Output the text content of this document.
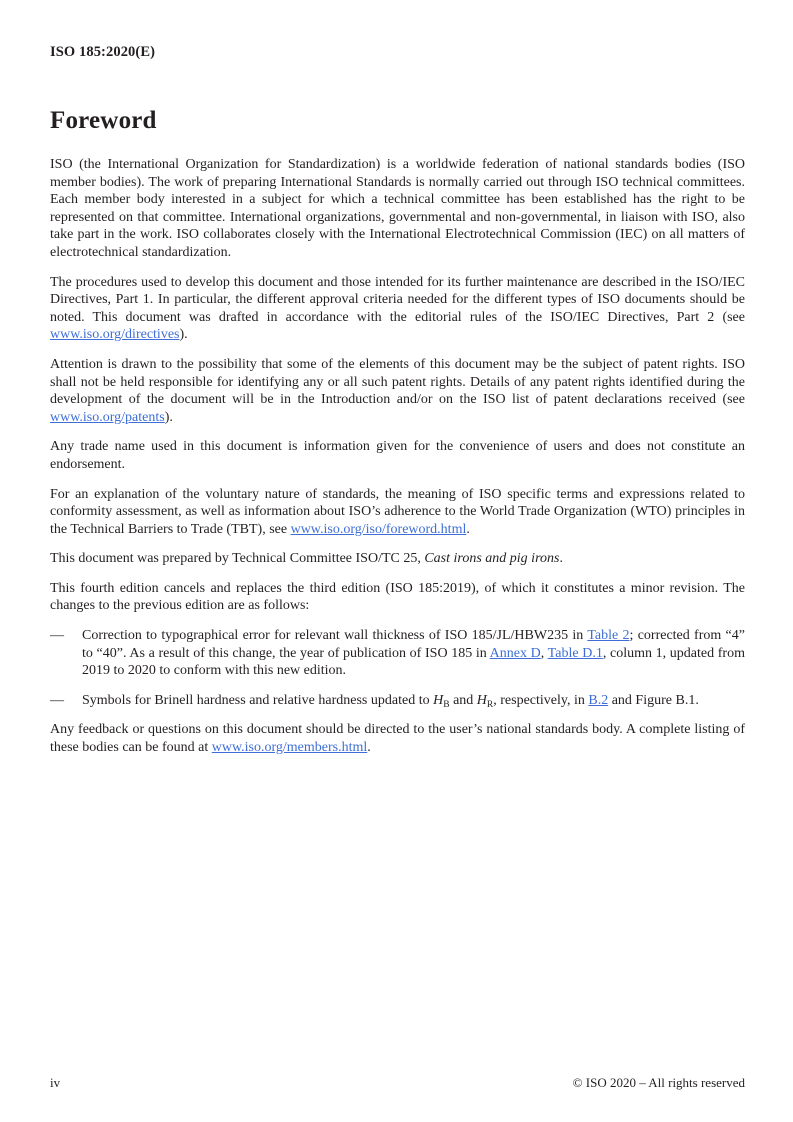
ISO 185:2020(E)
Foreword
ISO (the International Organization for Standardization) is a worldwide federation of national standards bodies (ISO member bodies). The work of preparing International Standards is normally carried out through ISO technical committees. Each member body interested in a subject for which a technical committee has been established has the right to be represented on that committee. International organizations, governmental and non-governmental, in liaison with ISO, also take part in the work. ISO collaborates closely with the International Electrotechnical Commission (IEC) on all matters of electrotechnical standardization.
The procedures used to develop this document and those intended for its further maintenance are described in the ISO/IEC Directives, Part 1. In particular, the different approval criteria needed for the different types of ISO documents should be noted. This document was drafted in accordance with the editorial rules of the ISO/IEC Directives, Part 2 (see www.iso.org/directives).
Attention is drawn to the possibility that some of the elements of this document may be the subject of patent rights. ISO shall not be held responsible for identifying any or all such patent rights. Details of any patent rights identified during the development of the document will be in the Introduction and/or on the ISO list of patent declarations received (see www.iso.org/patents).
Any trade name used in this document is information given for the convenience of users and does not constitute an endorsement.
For an explanation of the voluntary nature of standards, the meaning of ISO specific terms and expressions related to conformity assessment, as well as information about ISO’s adherence to the World Trade Organization (WTO) principles in the Technical Barriers to Trade (TBT), see www.iso.org/iso/foreword.html.
This document was prepared by Technical Committee ISO/TC 25, Cast irons and pig irons.
This fourth edition cancels and replaces the third edition (ISO 185:2019), of which it constitutes a minor revision. The changes to the previous edition are as follows:
— Correction to typographical error for relevant wall thickness of ISO 185/JL/HBW235 in Table 2; corrected from “4” to “40”. As a result of this change, the year of publication of ISO 185 in Annex D, Table D.1, column 1, updated from 2019 to 2020 to conform with this new edition.
— Symbols for Brinell hardness and relative hardness updated to $H_B$ and $H_R$, respectively, in B.2 and Figure B.1.
Any feedback or questions on this document should be directed to the user’s national standards body. A complete listing of these bodies can be found at www.iso.org/members.html.
iv	© ISO 2020 – All rights reserved
